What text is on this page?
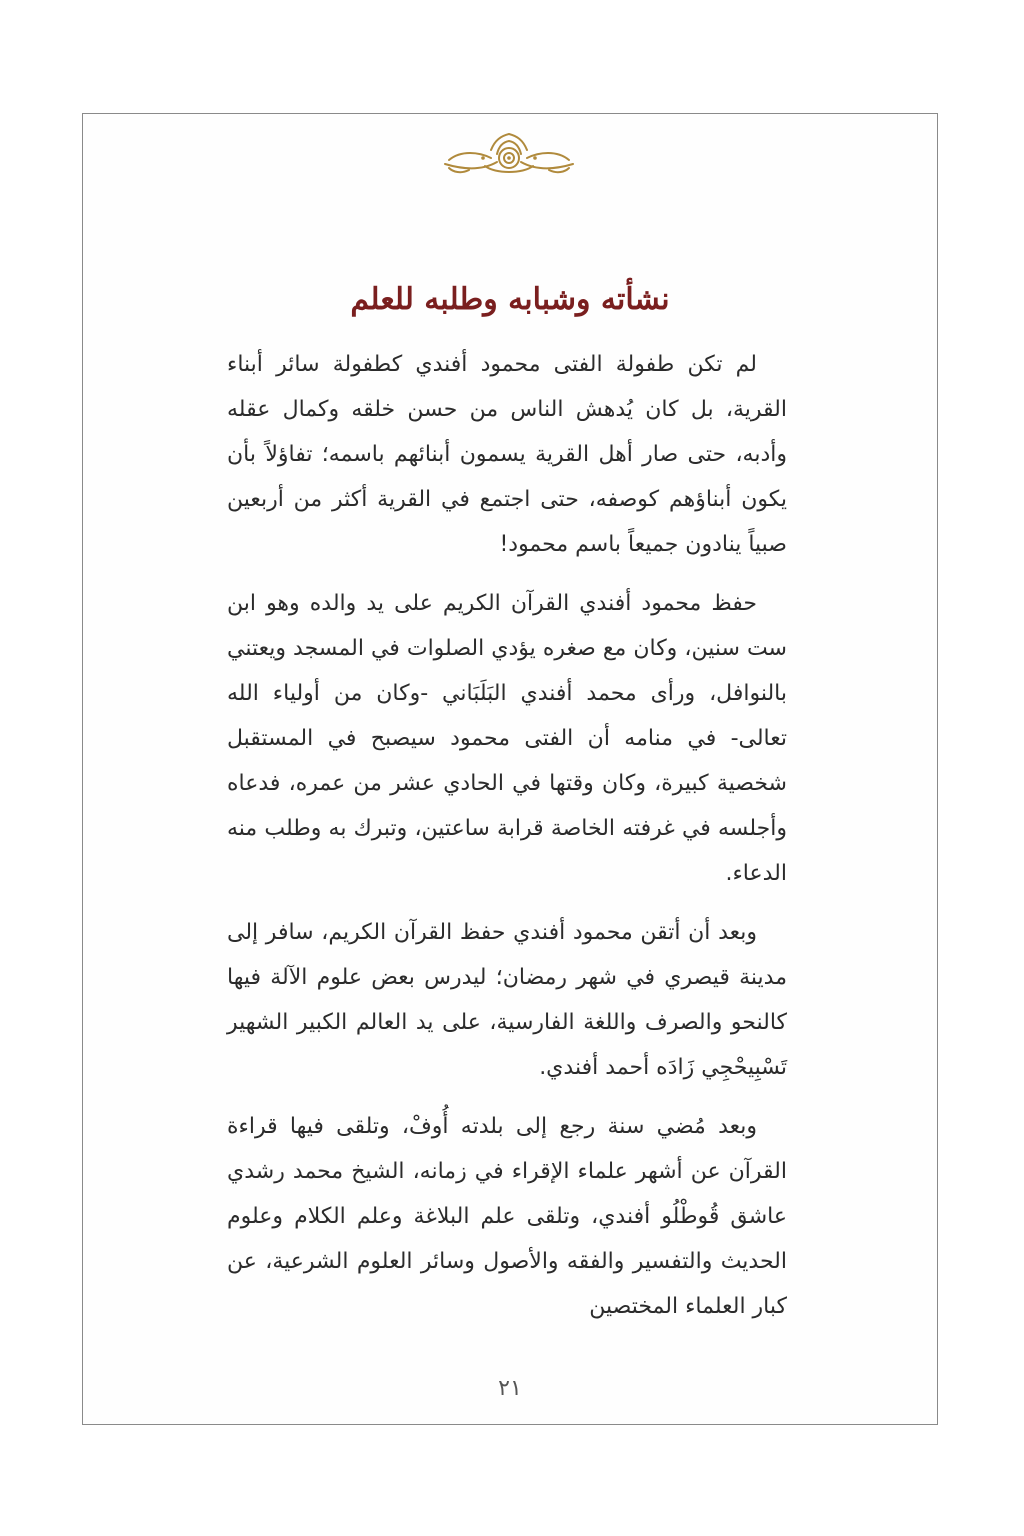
نشأته وشبابه وطلبه للعلم

لم تكن طفولة الفتى محمود أفندي كطفولة سائر أبناء القرية، بل كان يُدهش الناس من حسن خلقه وكمال عقله وأدبه، حتى صار أهل القرية يسمون أبنائهم باسمه؛ تفاؤلاً بأن يكون أبناؤهم كوصفه، حتى اجتمع في القرية أكثر من أربعين صبياً ينادون جميعاً باسم محمود!

حفظ محمود أفندي القرآن الكريم على يد والده وهو ابن ست سنين، وكان مع صغره يؤدي الصلوات في المسجد ويعتني بالنوافل، ورأى محمد أفندي البَلَبَاني -وكان من أولياء الله تعالى- في منامه أن الفتى محمود سيصبح في المستقبل شخصية كبيرة، وكان وقتها في الحادي عشر من عمره، فدعاه وأجلسه في غرفته الخاصة قرابة ساعتين، وتبرك به وطلب منه الدعاء.

وبعد أن أتقن محمود أفندي حفظ القرآن الكريم، سافر إلى مدينة قيصري في شهر رمضان؛ ليدرس بعض علوم الآلة فيها كالنحو والصرف واللغة الفارسية، على يد العالم الكبير الشهير تَسْبِيحْجِي زَادَه أحمد أفندي.

وبعد مُضي سنة رجع إلى بلدته أُوفْ، وتلقى فيها قراءة القرآن عن أشهر علماء الإقراء في زمانه، الشيخ محمد رشدي عاشق قُوطْلُو أفندي، وتلقى علم البلاغة وعلم الكلام وعلوم الحديث والتفسير والفقه والأصول وسائر العلوم الشرعية، عن كبار العلماء المختصين

٢١
